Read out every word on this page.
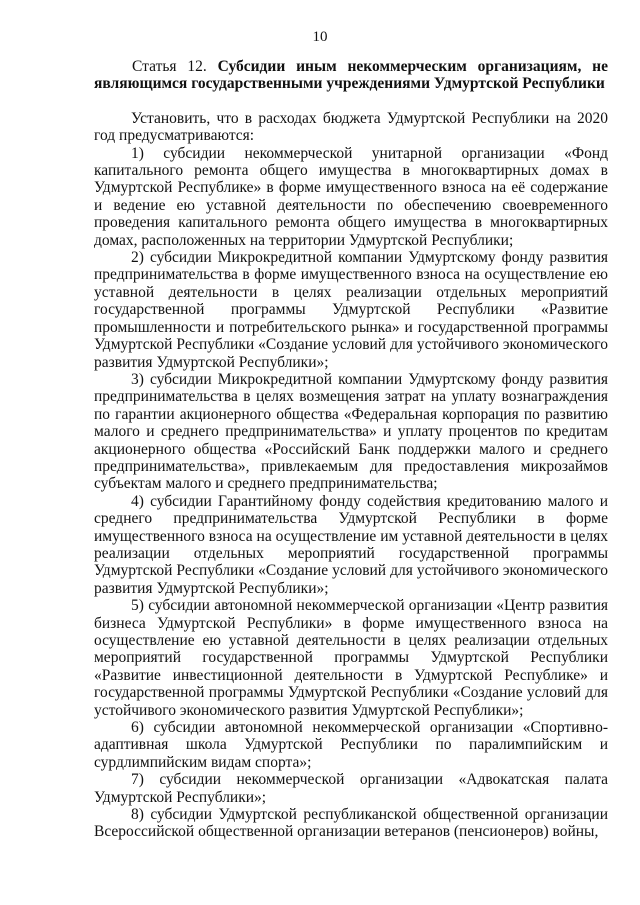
10
Статья 12. Субсидии иным некоммерческим организациям, не являющимся государственными учреждениями Удмуртской Республики

Установить, что в расходах бюджета Удмуртской Республики на 2020 год предусматриваются:

1) субсидии некоммерческой унитарной организации «Фонд капитального ремонта общего имущества в многоквартирных домах в Удмуртской Республике» в форме имущественного взноса на её содержание и ведение ею уставной деятельности по обеспечению своевременного проведения капитального ремонта общего имущества в многоквартирных домах, расположенных на территории Удмуртской Республики;

2) субсидии Микрокредитной компании Удмуртскому фонду развития предпринимательства в форме имущественного взноса на осуществление ею уставной деятельности в целях реализации отдельных мероприятий государственной программы Удмуртской Республики «Развитие промышленности и потребительского рынка» и государственной программы Удмуртской Республики «Создание условий для устойчивого экономического развития Удмуртской Республики»;

3) субсидии Микрокредитной компании Удмуртскому фонду развития предпринимательства в целях возмещения затрат на уплату вознаграждения по гарантии акционерного общества «Федеральная корпорация по развитию малого и среднего предпринимательства» и уплату процентов по кредитам акционерного общества «Российский Банк поддержки малого и среднего предпринимательства», привлекаемым для предоставления микрозаймов субъектам малого и среднего предпринимательства;

4) субсидии Гарантийному фонду содействия кредитованию малого и среднего предпринимательства Удмуртской Республики в форме имущественного взноса на осуществление им уставной деятельности в целях реализации отдельных мероприятий государственной программы Удмуртской Республики «Создание условий для устойчивого экономического развития Удмуртской Республики»;

5) субсидии автономной некоммерческой организации «Центр развития бизнеса Удмуртской Республики» в форме имущественного взноса на осуществление ею уставной деятельности в целях реализации отдельных мероприятий государственной программы Удмуртской Республики «Развитие инвестиционной деятельности в Удмуртской Республике» и государственной программы Удмуртской Республики «Создание условий для устойчивого экономического развития Удмуртской Республики»;

6) субсидии автономной некоммерческой организации «Спортивно-адаптивная школа Удмуртской Республики по паралимпийским и сурдлимпийским видам спорта»;

7) субсидии некоммерческой организации «Адвокатская палата Удмуртской Республики»;

8) субсидии Удмуртской республиканской общественной организации Всероссийской общественной организации ветеранов (пенсионеров) войны,
